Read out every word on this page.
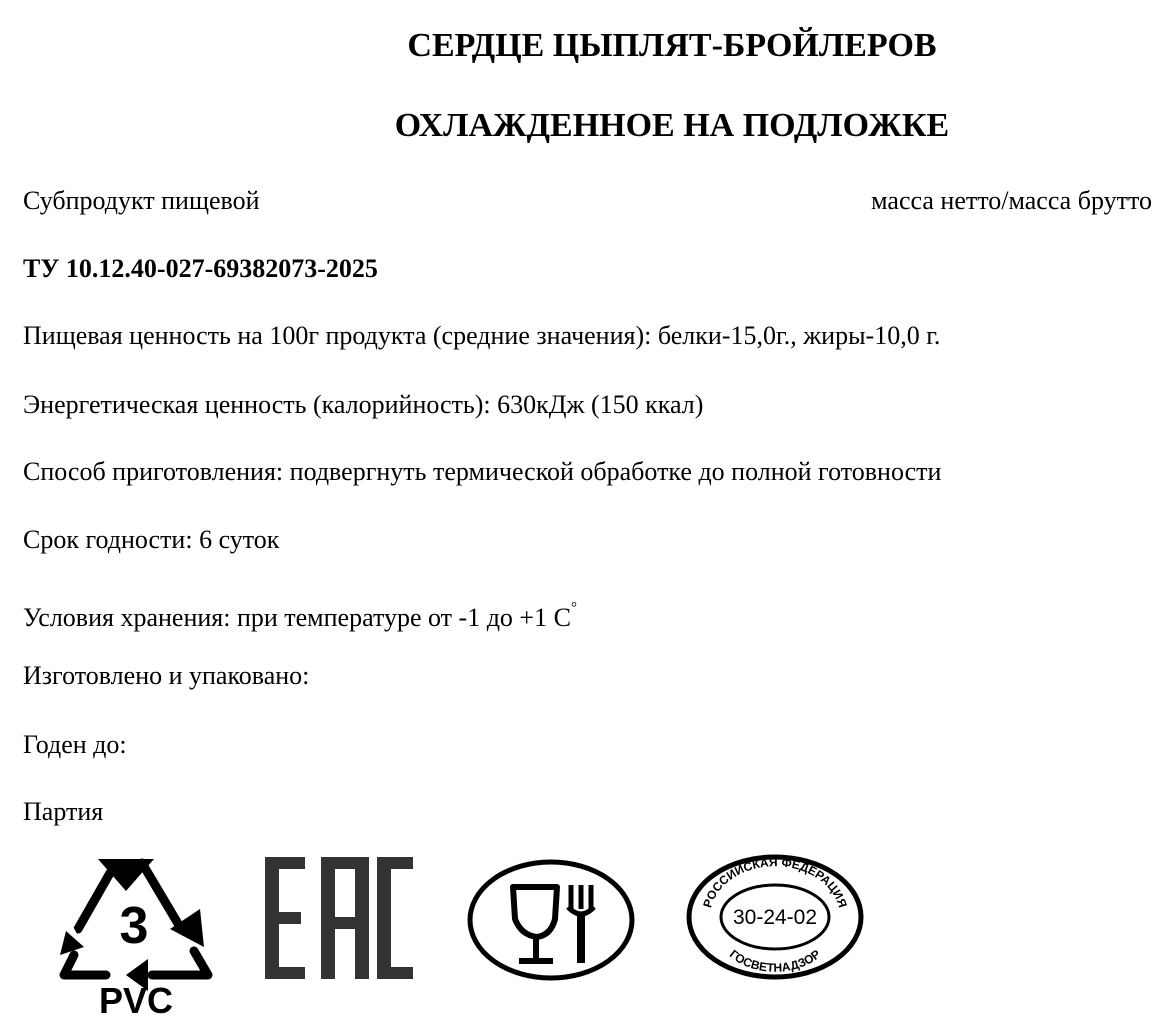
СЕРДЦЕ ЦЫПЛЯТ-БРОЙЛЕРОВ
ОХЛАЖДЕННОЕ НА ПОДЛОЖКЕ
Субпродукт пищевой	масса нетто/масса брутто
ТУ 10.12.40-027-69382073-2025
Пищевая ценность на 100г продукта (средние значения): белки-15,0г., жиры-10,0 г.
Энергетическая ценность (калорийность): 630кДж (150 ккал)
Способ приготовления: подвергнуть термической обработке до полной готовности
Срок годности: 6 суток
Условия хранения: при температуре от -1 до +1 С°
Изготовлено и упаковано:
Годен до:
Партия
3
PVC
РОССИЙСКАЯ ФЕДЕРАЦИЯ
30-24-02
ГОСВЕТНАДЗОР
